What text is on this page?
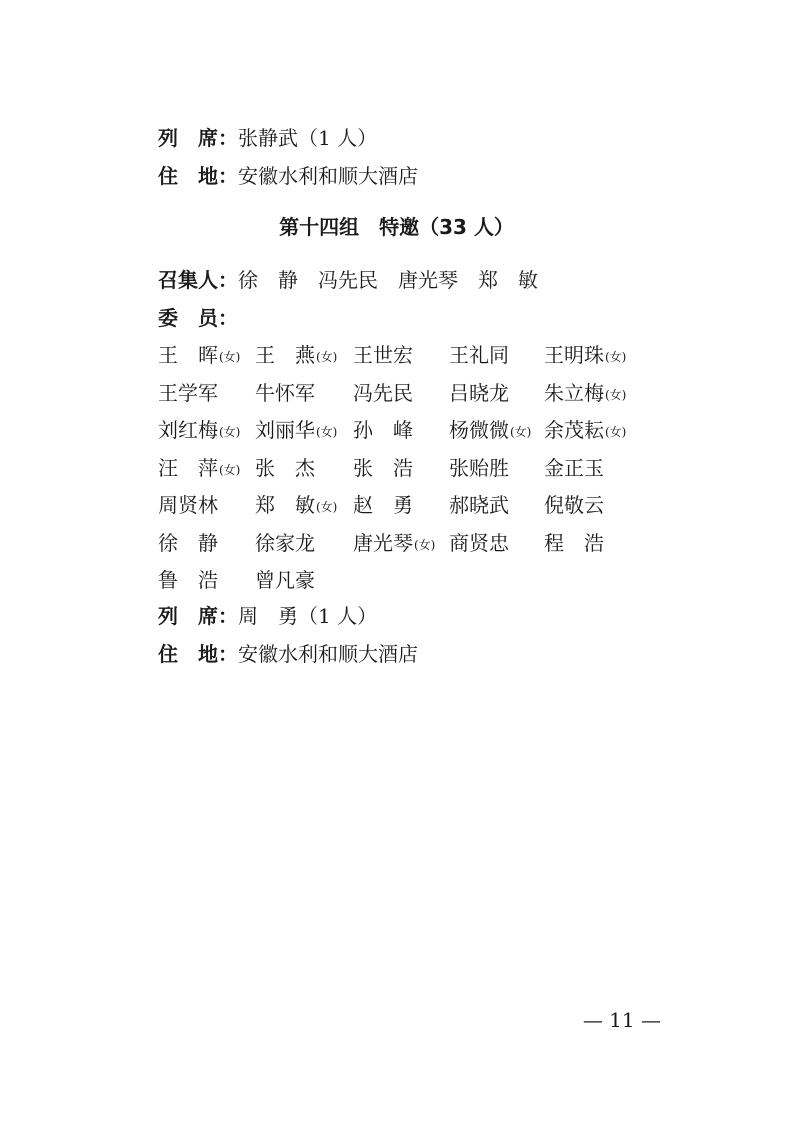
列　席：张静武（1 人）
住　地：安徽水利和顺大酒店
第十四组　特邀（33 人）
召集人：徐　静　冯先民　唐光琴　郑　敏
委　员：
王　晖(女) 王　燕(女) 王世宏 王礼同 王明珠(女)
王学军 牛怀军 冯先民 吕晓龙 朱立梅(女)
刘红梅(女) 刘丽华(女) 孙　峰 杨微微(女) 余茂耘(女)
汪　萍(女) 张　杰 张　浩 张贻胜 金正玉
周贤林 郑　敏(女) 赵　勇 郝晓武 倪敬云
徐　静 徐家龙 唐光琴(女) 商贤忠 程　浩
鲁　浩 曾凡豪
列　席：周　勇（1 人）
住　地：安徽水利和顺大酒店
— 11 —
